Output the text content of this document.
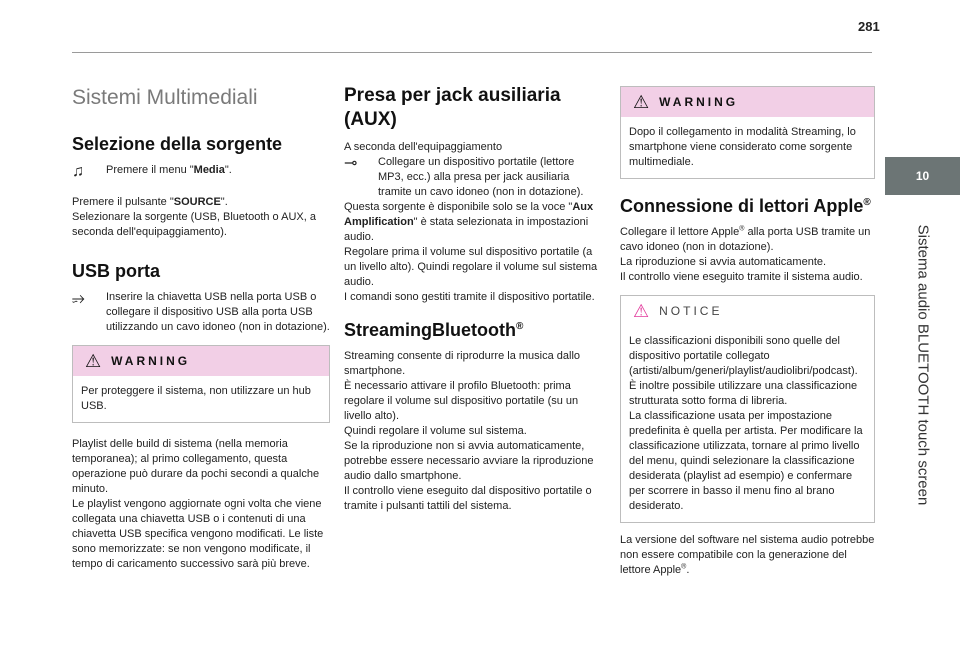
281
10
Sistema audio BLUETOOTH touch screen
Sistemi Multimediali
Selezione della sorgente
♫ Premere il menu "Media".

Premere il pulsante "SOURCE".

Selezionare la sorgente (USB, Bluetooth o AUX, a seconda dell'equipaggiamento).

USB porta
⭌ Inserire la chiavetta USB nella porta USB o collegare il dispositivo USB alla porta USB utilizzando un cavo idoneo (non in dotazione).
⚠ WARNING

Per proteggere il sistema, non utilizzare un hub USB.

Playlist delle build di sistema (nella memoria temporanea); al primo collegamento, questa operazione può durare da pochi secondi a qualche minuto.

Le playlist vengono aggiornate ogni volta che viene collegata una chiavetta USB o i contenuti di una chiavetta USB specifica vengono modificati. Le liste sono memorizzate: se non vengono modificate, il tempo di caricamento successivo sarà più breve.

Presa per jack ausiliaria (AUX)

A seconda dell'equipaggiamento

⊸ Collegare un dispositivo portatile (lettore MP3, ecc.) alla presa per jack ausiliaria tramite un cavo idoneo (non in dotazione).

Questa sorgente è disponibile solo se la voce "Aux Amplification" è stata selezionata in impostazioni audio.

Regolare prima il volume sul dispositivo portatile (a un livello alto). Quindi regolare il volume sul sistema audio.

I comandi sono gestiti tramite il dispositivo portatile.

StreamingBluetooth®

Streaming consente di riprodurre la musica dallo smartphone.

È necessario attivare il profilo Bluetooth: prima regolare il volume sul dispositivo portatile (su un livello alto).

Quindi regolare il volume sul sistema.

Se la riproduzione non si avvia automaticamente, potrebbe essere necessario avviare la riproduzione audio dallo smartphone.

Il controllo viene eseguito dal dispositivo portatile o tramite i pulsanti tattili del sistema.

⚠ WARNING

Dopo il collegamento in modalità Streaming, lo smartphone viene considerato come sorgente multimediale.

Connessione di lettori Apple®

Collegare il lettore Apple® alla porta USB tramite un cavo idoneo (non in dotazione).

La riproduzione si avvia automaticamente.

Il controllo viene eseguito tramite il sistema audio.

⚠ NOTICE

Le classificazioni disponibili sono quelle del dispositivo portatile collegato (artisti/album/generi/playlist/audiolibri/podcast). È inoltre possibile utilizzare una classificazione strutturata sotto forma di libreria.

La classificazione usata per impostazione predefinita è quella per artista. Per modificare la classificazione utilizzata, tornare al primo livello del menu, quindi selezionare la classificazione desiderata (playlist ad esempio) e confermare per scorrere in basso il menu fino al brano desiderato.

La versione del software nel sistema audio potrebbe non essere compatibile con la generazione del lettore Apple®.
